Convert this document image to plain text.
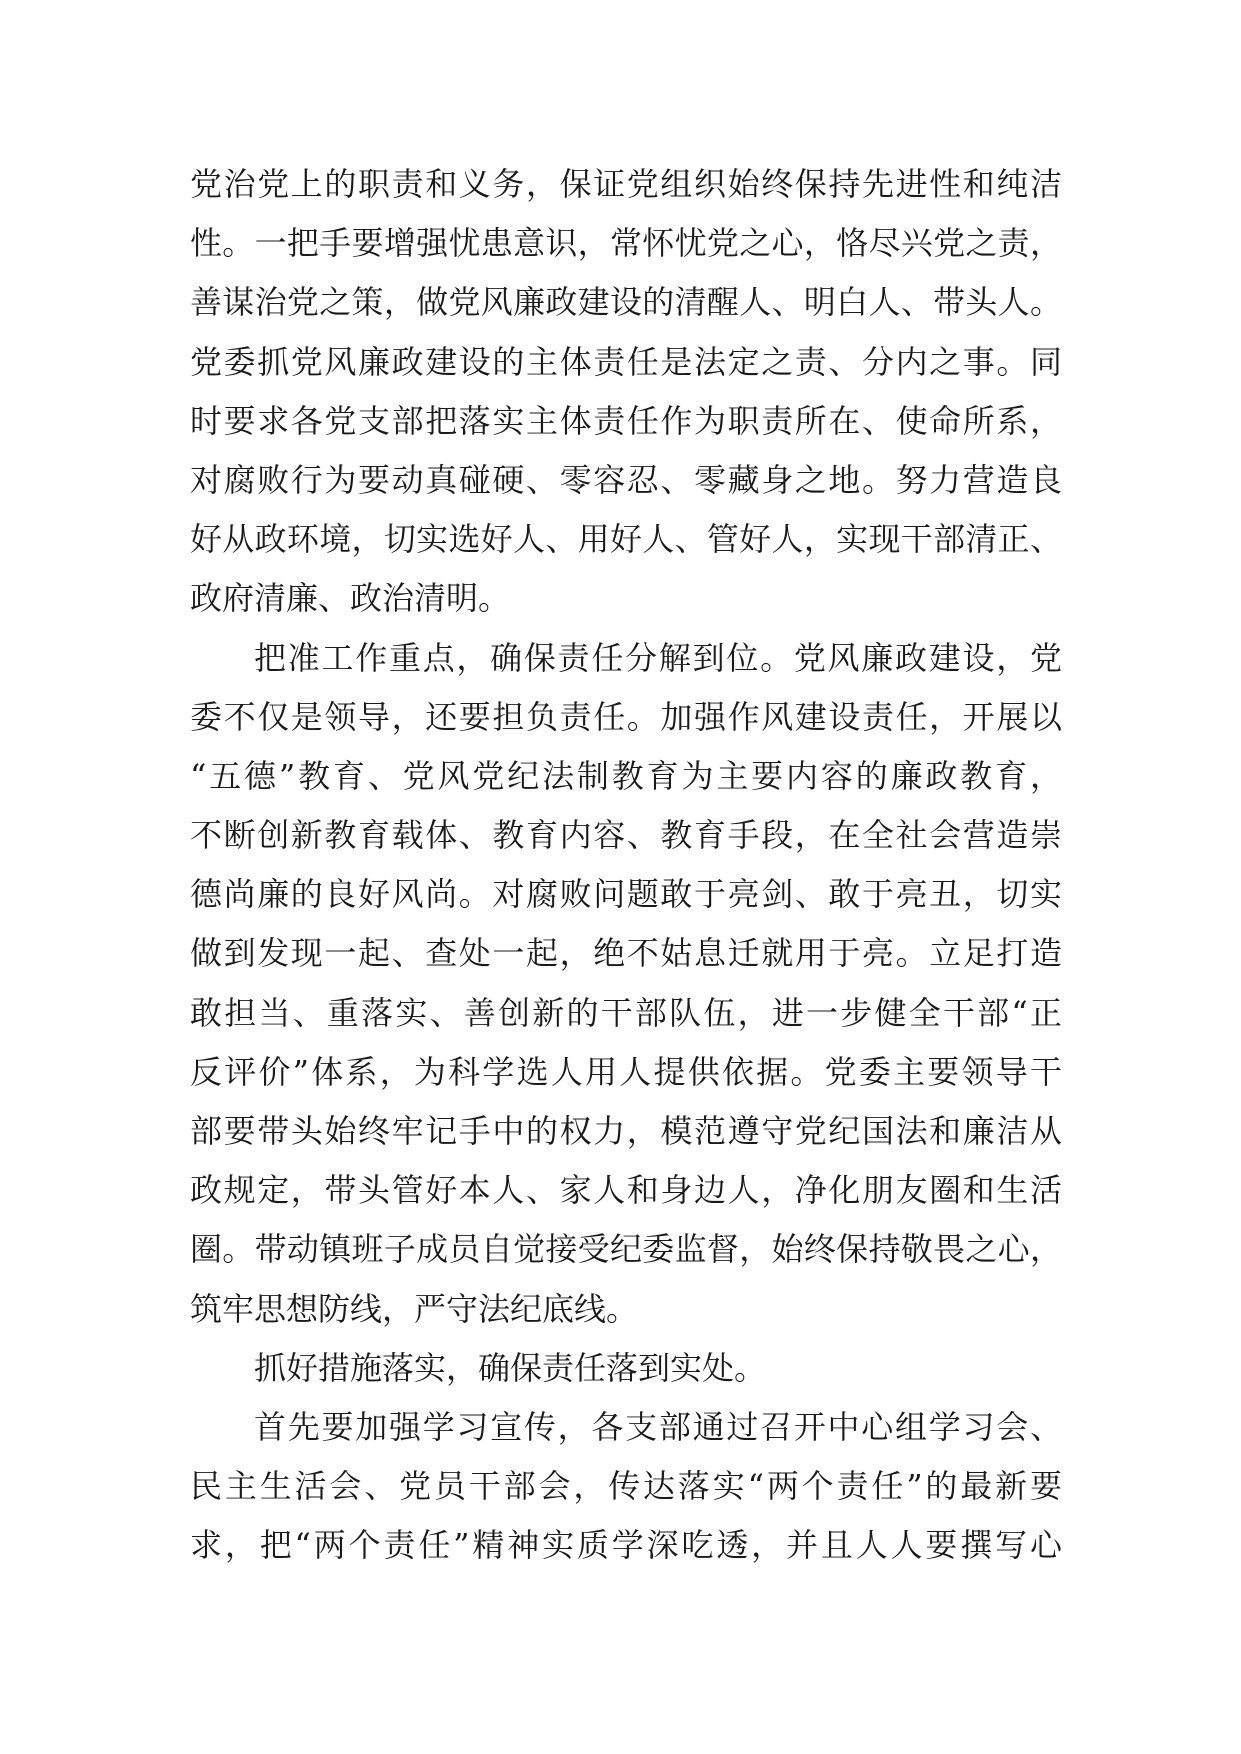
党治党上的职责和义务，保证党组织始终保持先进性和纯洁
性。一把手要增强忧患意识，常怀忧党之心，恪尽兴党之责，
善谋治党之策，做党风廉政建设的清醒人、明白人、带头人。
党委抓党风廉政建设的主体责任是法定之责、分内之事。同
时要求各党支部把落实主体责任作为职责所在、使命所系，
对腐败行为要动真碰硬、零容忍、零藏身之地。努力营造良
好从政环境，切实选好人、用好人、管好人，实现干部清正、
政府清廉、政治清明。
把准工作重点，确保责任分解到位。党风廉政建设，党
委不仅是领导，还要担负责任。加强作风建设责任，开展以
“五德”教育、党风党纪法制教育为主要内容的廉政教育，
不断创新教育载体、教育内容、教育手段，在全社会营造崇
德尚廉的良好风尚。对腐败问题敢于亮剑、敢于亮丑，切实
做到发现一起、查处一起，绝不姑息迁就用于亮。立足打造
敢担当、重落实、善创新的干部队伍，进一步健全干部“正
反评价”体系，为科学选人用人提供依据。党委主要领导干
部要带头始终牢记手中的权力，模范遵守党纪国法和廉洁从
政规定，带头管好本人、家人和身边人，净化朋友圈和生活
圈。带动镇班子成员自觉接受纪委监督，始终保持敬畏之心，
筑牢思想防线，严守法纪底线。
抓好措施落实，确保责任落到实处。
首先要加强学习宣传，各支部通过召开中心组学习会、
民主生活会、党员干部会，传达落实“两个责任”的最新要
求，把“两个责任”精神实质学深吃透，并且人人要撰写心
